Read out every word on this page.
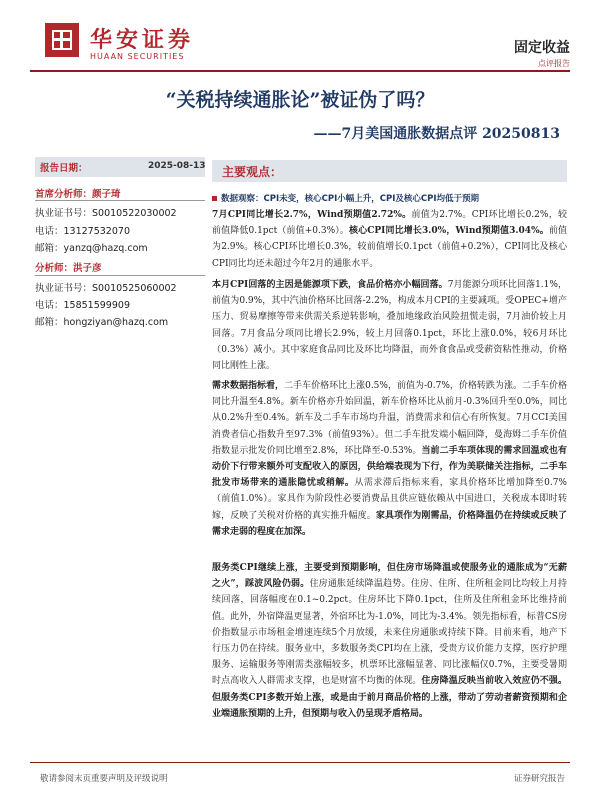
华安证券
HUAAN SECURITIES
固定收益
点评报告
“关税持续通胀论”被证伪了吗？
——7月美国通胀数据点评 20250813
报告日期：	2025-08-13
首席分析师：颜子琦
执业证书号：S0010522030002
电话：13127532070
邮箱：yanzq@hazq.com
分析师：洪子彦
执业证书号：S0010525060002
电话：15851599909
邮箱：hongziyan@hazq.com
主要观点：
数据观察：CPI未变，核心CPI小幅上升，CPI及核心CPI均低于预期
7月CPI同比增长2.7%，Wind预期值2.72%。前值为2.7%。CPI环比增长0.2%，较前值降低0.1pct（前值+0.3%）。核心CPI同比增长3.0%，Wind预期值3.04%。前值为2.9%。核心CPI环比增长0.3%，较前值增长0.1pct（前值+0.2%），CPI同比及核心CPI同比均还未超过今年2月的通胀水平。
本月CPI回落的主因是能源项下跌，食品价格亦小幅回落。7月能源分项环比回落1.1%，前值为0.9%，其中汽油价格环比回落-2.2%，构成本月CPI的主要减项。受OPEC+增产压力、贸易摩擦等带来供需关系逆转影响，叠加地缘政治风险扭慌走弱，7月油价较上月回落。7月食品分项同比增长2.9%，较上月回落0.1pct，环比上涨0.0%，较6月环比（0.3%）减小。其中家庭食品同比及环比均降温，而外食食品或受薪资粘性推动，价格同比刚性上涨。
需求数据指标看，二手车价格环比上涨0.5%，前值为-0.7%，价格转跌为涨。二手车价格同比升温至4.8%。新车价格亦升始回温，新车价格环比从前月-0.3%回升至0.0%，同比从0.2%升至0.4%。新车及二手车市场均升温，消费需求和信心有所恢复。7月CCI美国消费者信心指数升至97.3%（前值93%）。但二手车批发端小幅回降，曼海姆二手车价值指数显示批发价同比增至2.8%，环比降至-0.53%。当前二手车项体现的需求回温或也有动价下行带来额外可支配收入的原因，供给端表现为下行，作为美联储关注指标，二手车批发市场带来的通胀隐忧或稍解。从需求滞后指标来看，家具价格环比增加降至0.7%（前值1.0%）。家具作为阶段性必要消费品且供应链依赖从中国进口，关税成本即时转嫁，反映了关税对价格的真实推升幅度。家具项作为刚需品，价格降温仍在持续或反映了需求走弱的程度在加深。
服务类CPI继续上涨，主要受到预期影响，但住房市场降温或使服务业的通胀成为“无薪之火”，踩波风险仍弱。住房通胀延续降温趋势。住房、住所、住所租金同比均较上月持续回落，回落幅度在0.1~0.2pct。住房环比下降0.1pct，住所及住所租金环比维持前值。此外，外宿降温更显著，外宿环比为-1.0%，同比为-3.4%。领先指标看，标普CS房价指数显示市场租金增速连续5个月放缓，未来住房通胀或持续下降。目前来看，地产下行压力仍在持续。服务业中，多数服务类CPI均在上涨，受贵方议价能力支撑，医疗护理服务、运输服务等刚需类涨幅较多，机票环比涨幅显著、同比涨幅仅0.7%，主要受暑期时点高收入人群需求支撑，也是财富不均衡的体现。住房降温反映当前收入效应仍不强。但服务类CPI多数开始上涨，或是由于前月商品价格的上涨，带动了劳动者薪资预期和企业端通胀预期的上升，但预期与收入仍呈现矛盾格局。
敬请参阅末页重要声明及评级说明	证券研究报告
